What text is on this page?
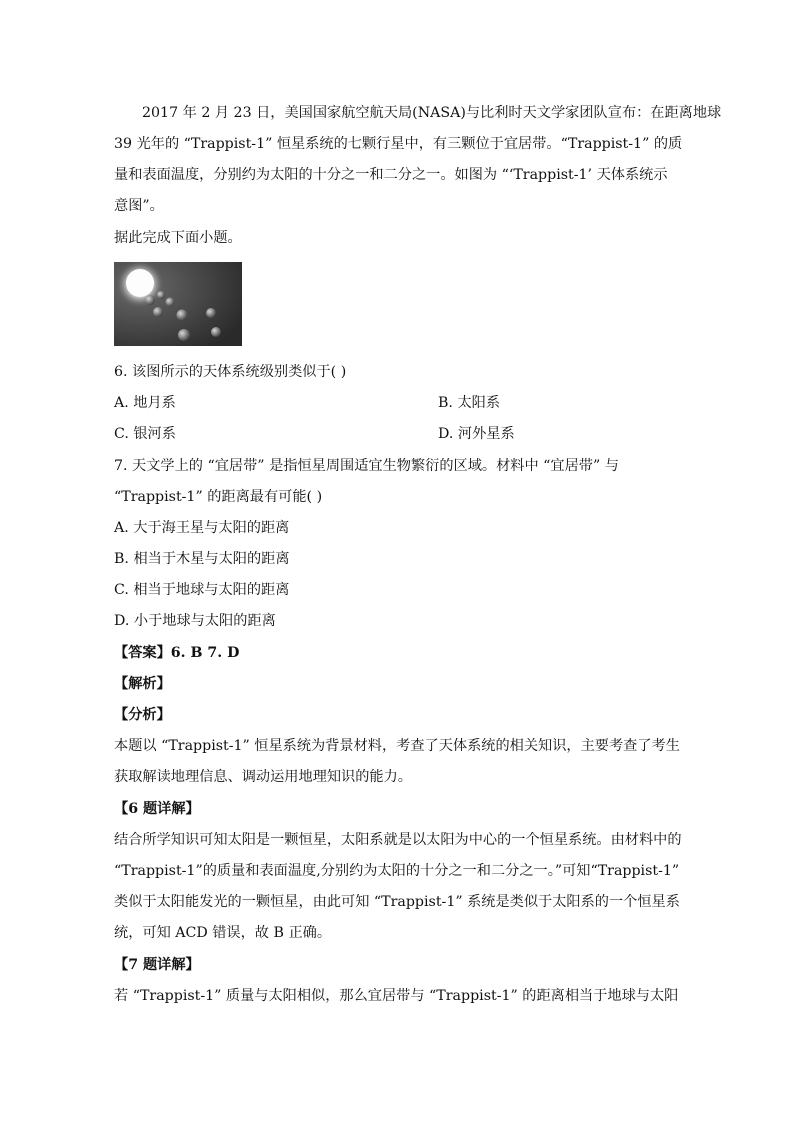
2017 年 2 月 23 日，美国国家航空航天局(NASA)与比利时天文学家团队宣布：在距离地球
39 光年的 “Trappist-1” 恒星系统的七颗行星中，有三颗位于宜居带。“Trappist-1” 的质
量和表面温度，分别约为太阳的十分之一和二分之一。如图为 “‘Trappist-1’ 天体系统示
意图”。
据此完成下面小题。
6. 该图所示的天体系统级别类似于( )
A. 地月系	B. 太阳系
C. 银河系	D. 河外星系
7. 天文学上的 “宜居带” 是指恒星周围适宜生物繁衍的区域。材料中 “宜居带” 与
“Trappist-1” 的距离最有可能( )
A. 大于海王星与太阳的距离
B. 相当于木星与太阳的距离
C. 相当于地球与太阳的距离
D. 小于地球与太阳的距离
【答案】6. B 7. D
【解析】
【分析】
本题以 “Trappist-1” 恒星系统为背景材料，考查了天体系统的相关知识，主要考查了考生
获取解读地理信息、调动运用地理知识的能力。
【6 题详解】
结合所学知识可知太阳是一颗恒星，太阳系就是以太阳为中心的一个恒星系统。由材料中的
“Trappist-1”的质量和表面温度,分别约为太阳的十分之一和二分之一。”可知“Trappist-1”
类似于太阳能发光的一颗恒星，由此可知 “Trappist-1” 系统是类似于太阳系的一个恒星系
统，可知 ACD 错误，故 B 正确。
【7 题详解】
若 “Trappist-1” 质量与太阳相似，那么宜居带与 “Trappist-1” 的距离相当于地球与太阳
